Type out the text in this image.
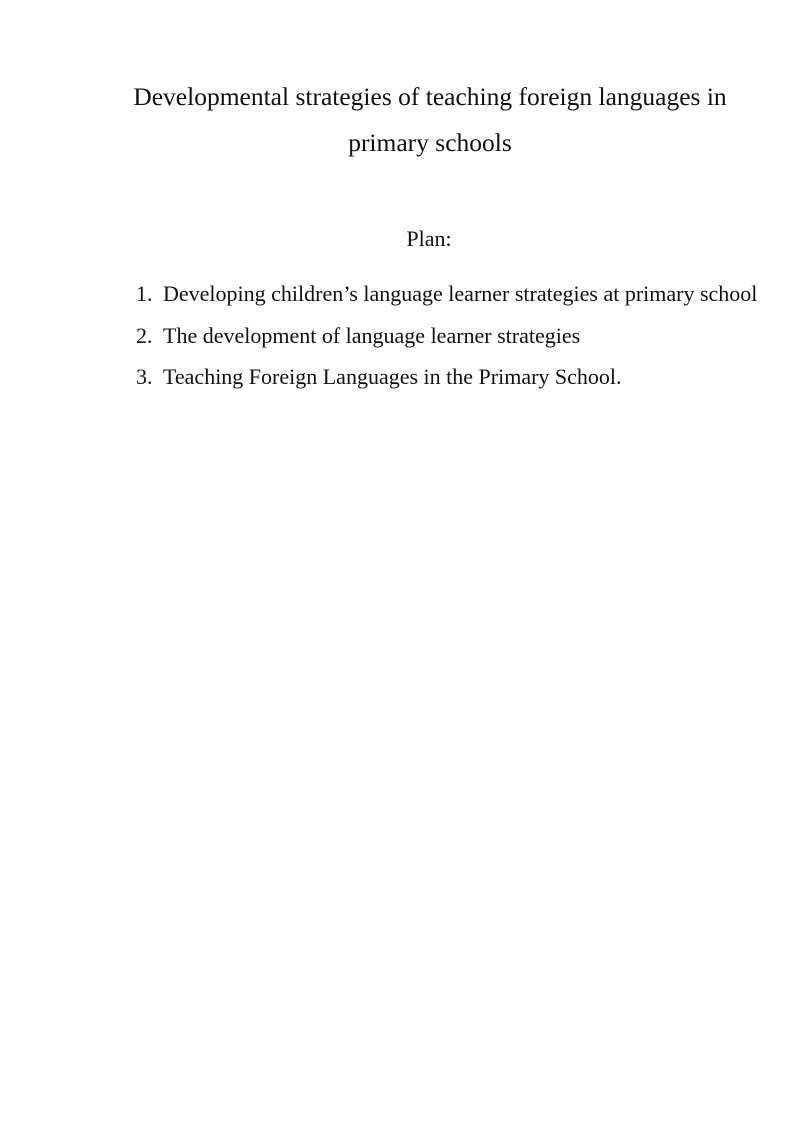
Developmental strategies of teaching foreign languages in primary schools

Plan:

1. Developing children’s language learner strategies at primary school
2. The development of language learner strategies
3. Teaching Foreign Languages in the Primary School.
